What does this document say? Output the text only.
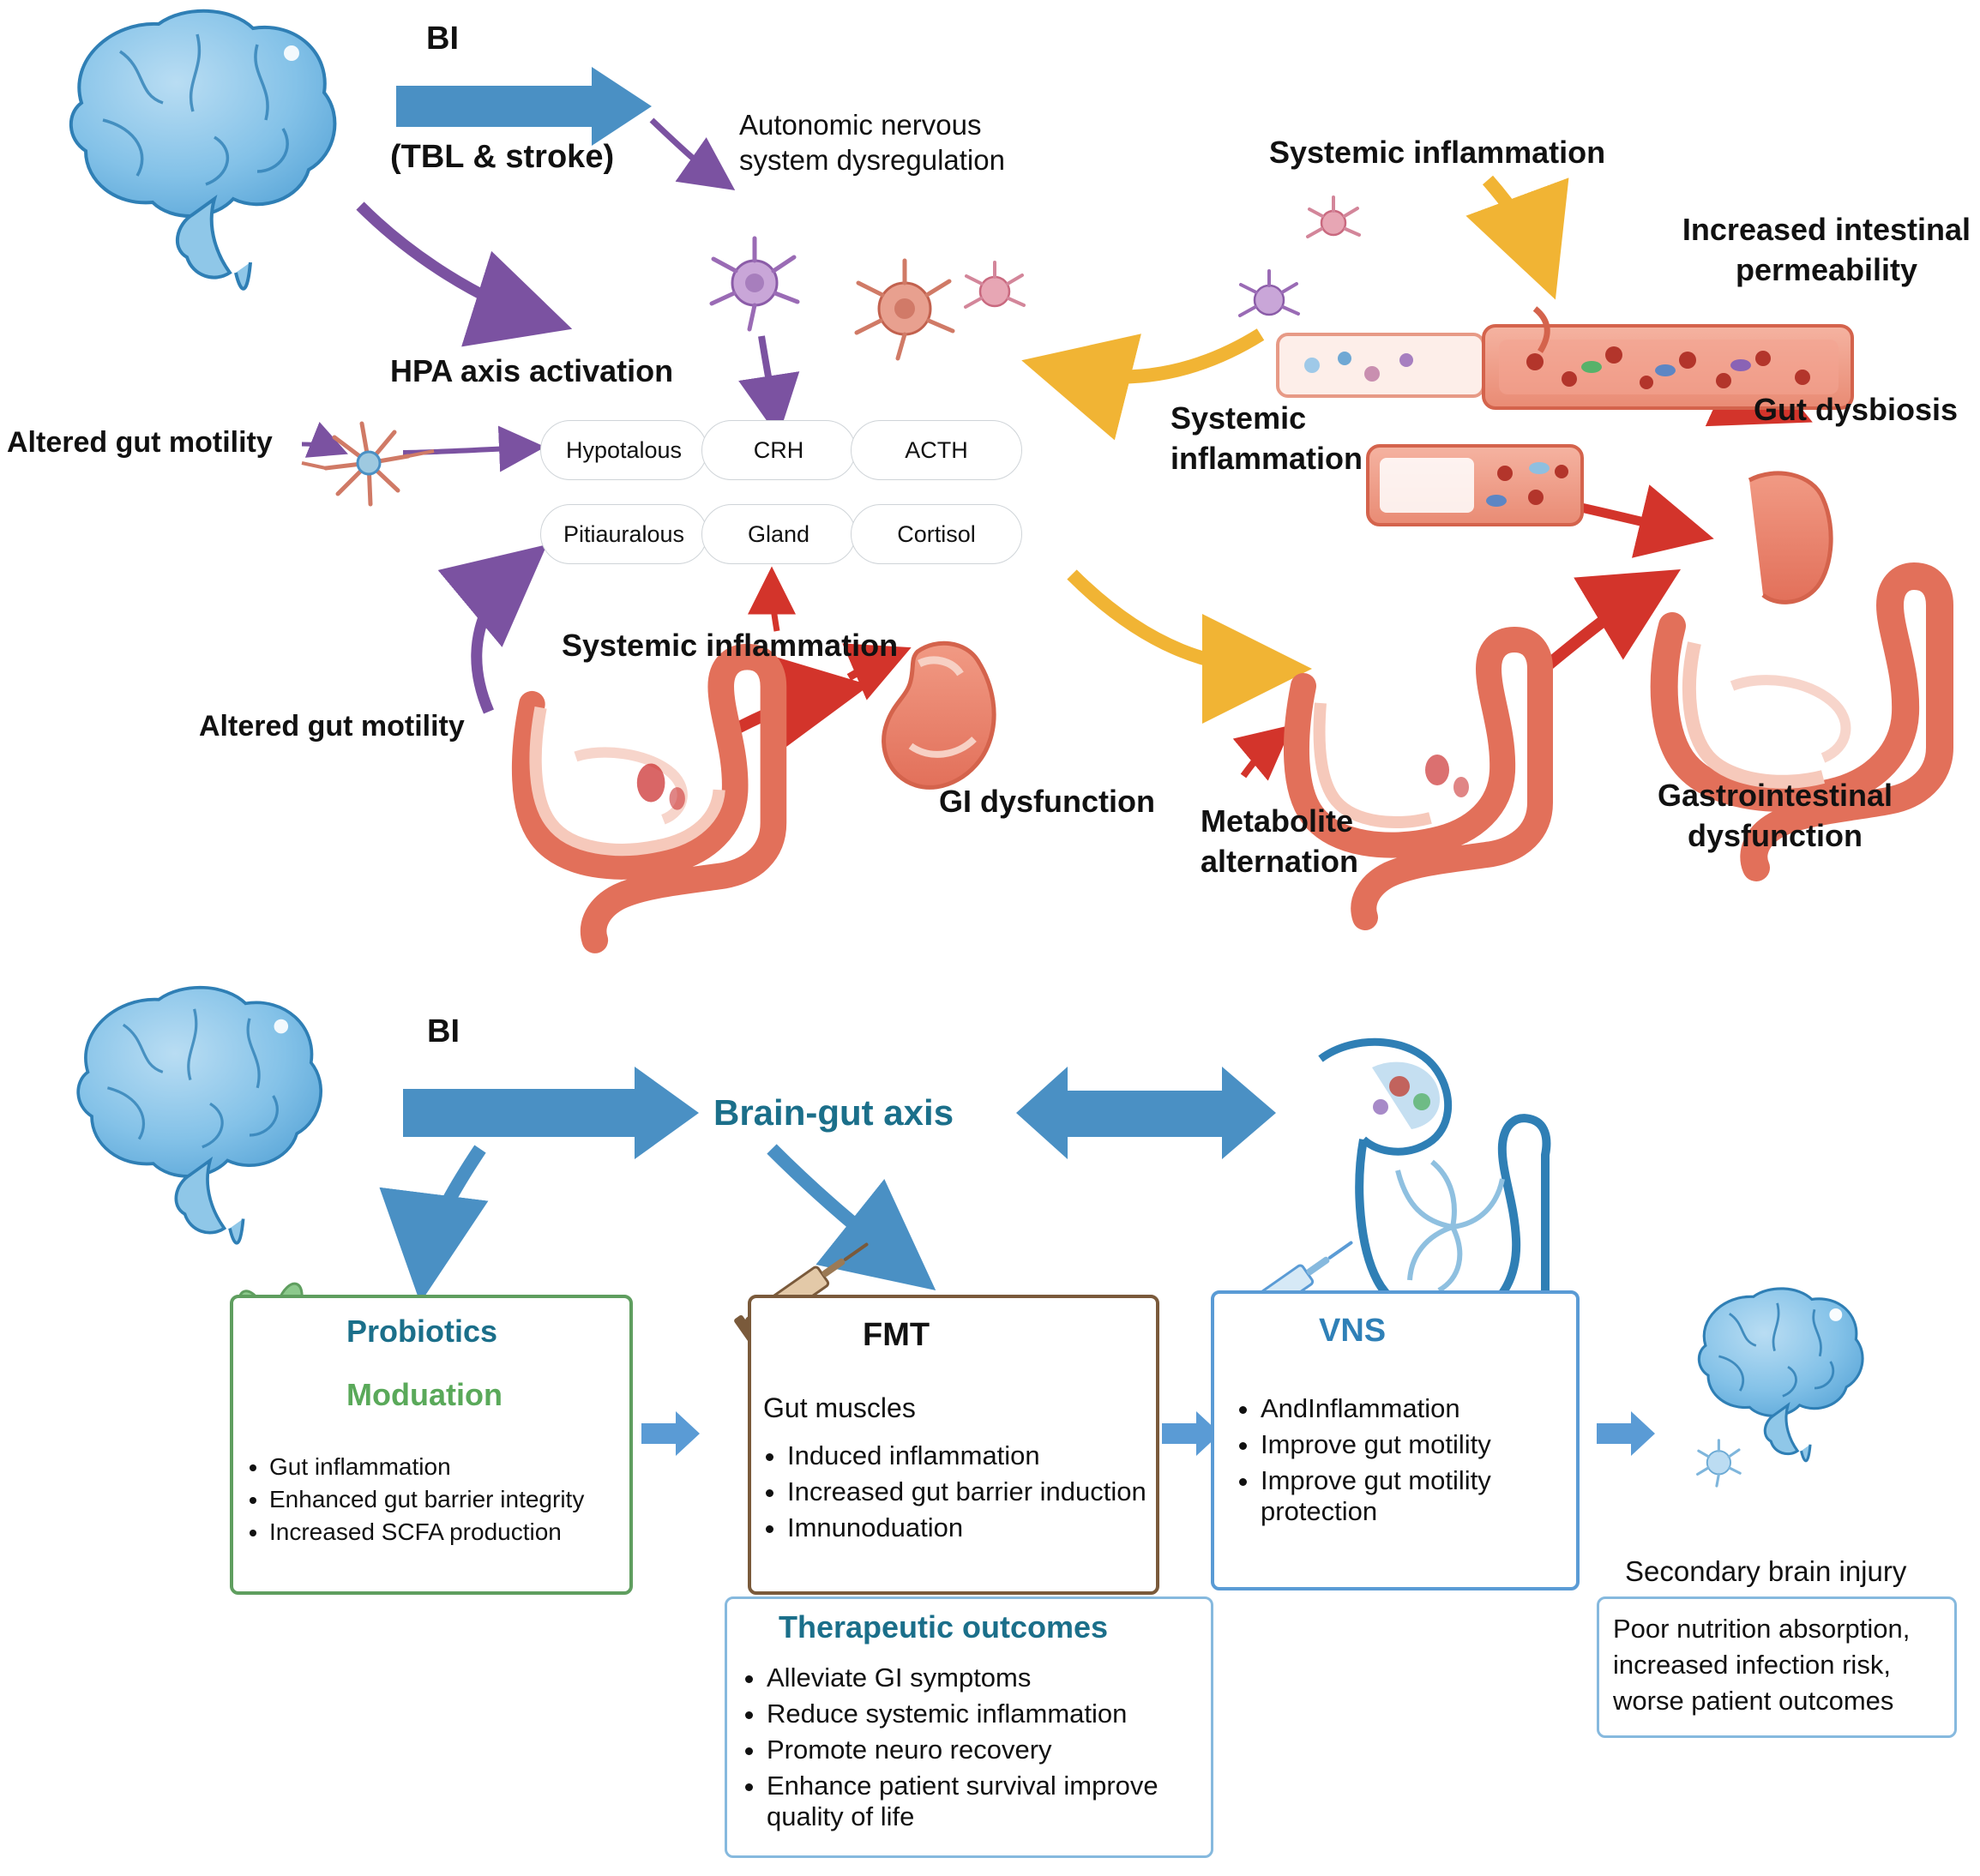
BI
(TBL & stroke)
Autonomic nervous system dysregulation
HPA axis activation
Altered gut motility
Altered gut motility
Systemic inflammation
GI dysfunction
Systemic inflammation
Systemic inflammation
Increased intestinal permeability
Gut dysbiosis
Metabolite alternation
Gastrointestinal dysfunction
Hypotalous	CRH	ACTH
Pitiauralous	Gland	Cortisol
BI
Brain-gut axis
Probiotics
Moduation
• Gut inflammation
• Enhanced gut barrier integrity
• Increased SCFA production
FMT
Gut muscles
• Induced inflammation
• Increased gut barrier induction
• Imnunoduation
VNS
• AndInflammation
• Improve gut motility
• Improve gut motility protection
Therapeutic outcomes
• Alleviate GI symptoms
• Reduce systemic inflammation
• Promote neuro recovery
• Enhance patient survival improve quality of life
Secondary brain injury
Poor nutrition absorption, increased infection risk, worse patient outcomes
